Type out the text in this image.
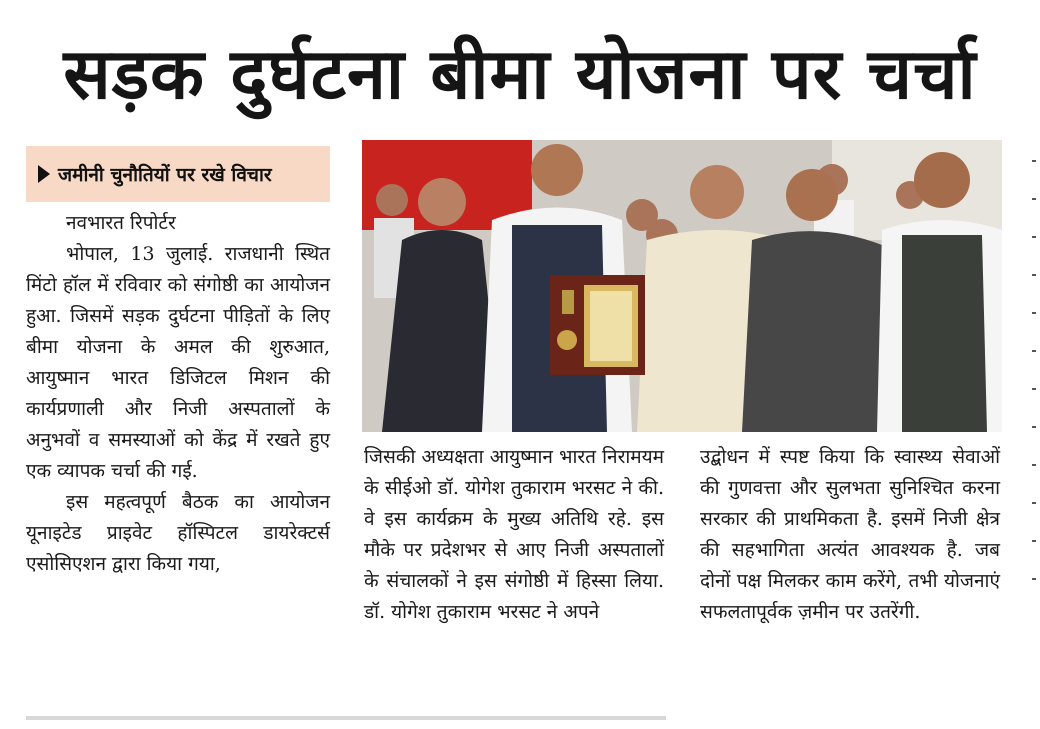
सड़क दुर्घटना बीमा योजना पर चर्चा
जमीनी चुनौतियों पर रखे विचार

नवभारत रिपोर्टर

भोपाल, 13 जुलाई. राजधानी स्थित मिंटो हॉल में रविवार को संगोष्ठी का आयोजन हुआ. जिसमें सड़क दुर्घटना पीड़ितों के लिए बीमा योजना के अमल की शुरुआत, आयुष्मान भारत डिजिटल मिशन की कार्यप्रणाली और निजी अस्पतालों के अनुभवों व समस्याओं को केंद्र में रखते हुए एक व्यापक चर्चा की गई.

इस महत्वपूर्ण बैठक का आयोजन यूनाइटेड प्राइवेट हॉस्पिटल डायरेक्टर्स एसोसिएशन द्वारा किया गया,

जिसकी अध्यक्षता आयुष्मान भारत निरामयम के सीईओ डॉ. योगेश तुकाराम भरसट ने की. वे इस कार्यक्रम के मुख्य अतिथि रहे. इस मौके पर प्रदेशभर से आए निजी अस्पतालों के संचालकों ने इस संगोष्ठी में हिस्सा लिया. डॉ. योगेश तुकाराम भरसट ने अपने

उद्बोधन में स्पष्ट किया कि स्वास्थ्य सेवाओं की गुणवत्ता और सुलभता सुनिश्चित करना सरकार की प्राथमिकता है. इसमें निजी क्षेत्र की सहभागिता अत्यंत आवश्यक है. जब दोनों पक्ष मिलकर काम करेंगे, तभी योजनाएं सफलतापूर्वक ज़मीन पर उतरेंगी.
